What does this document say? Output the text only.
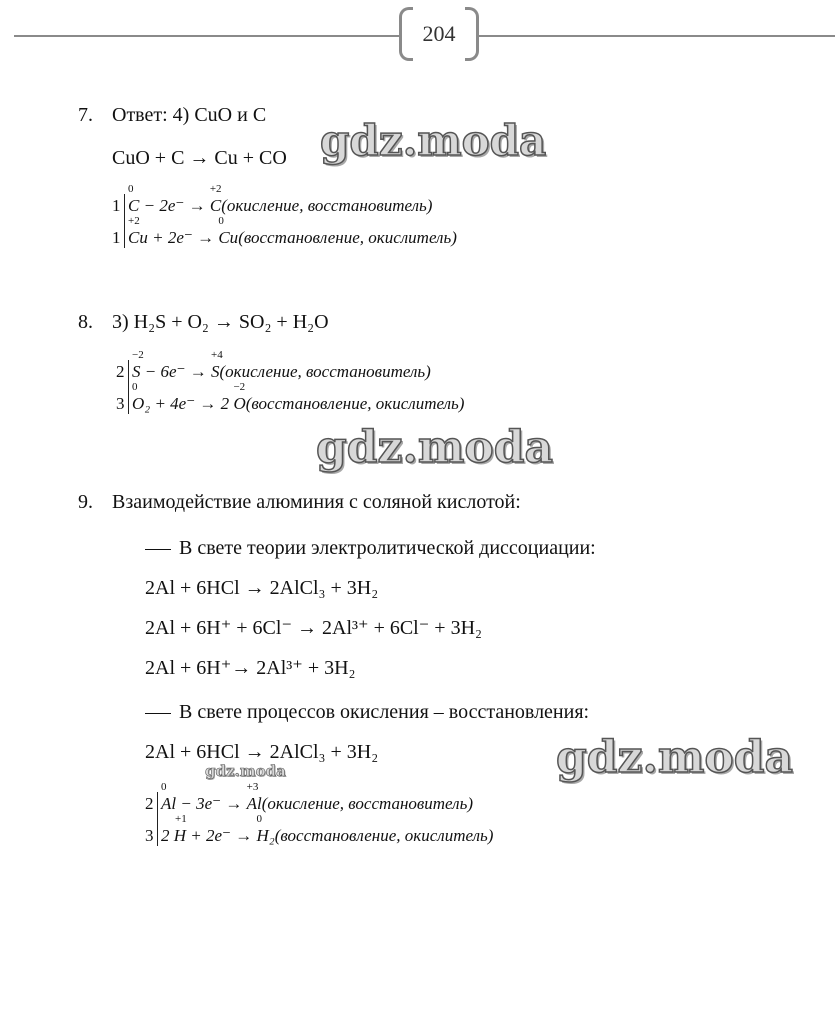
204
7. Ответ: 4) CuO и C
CuO + C → Cu + CO
1
1
0
C − 2e⁻ →
+2
C(окисление, восстановитель)
+2
Cu + 2e⁻ →
0
Cu(восстановление, окислитель)
8. 3) H₂S + O₂ → SO₂ + H₂O
2
3
−2
S − 6e⁻ →
+4
S(окисление, восстановитель)
0
O₂ + 4e⁻ → 2
−2
O(восстановление, окислитель)
9. Взаимодействие алюминия с соляной кислотой:
В свете теории электролитической диссоциации:
2Al + 6HCl → 2AlCl₃ + 3H₂
2Al + 6H⁺ + 6Cl⁻ → 2Al³⁺ + 6Cl⁻ + 3H₂
2Al + 6H⁺→ 2Al³⁺ + 3H₂
В свете процессов окисления – восстановления:
2Al + 6HCl → 2AlCl₃ + 3H₂
2
3
0
Al − 3e⁻ →
+3
Al(окисление, восстановитель)
+1
2 H + 2e⁻ →
0
H₂(восстановление, окислитель)
gdz.moda
gdz.moda
gdz.moda
gdz.moda
